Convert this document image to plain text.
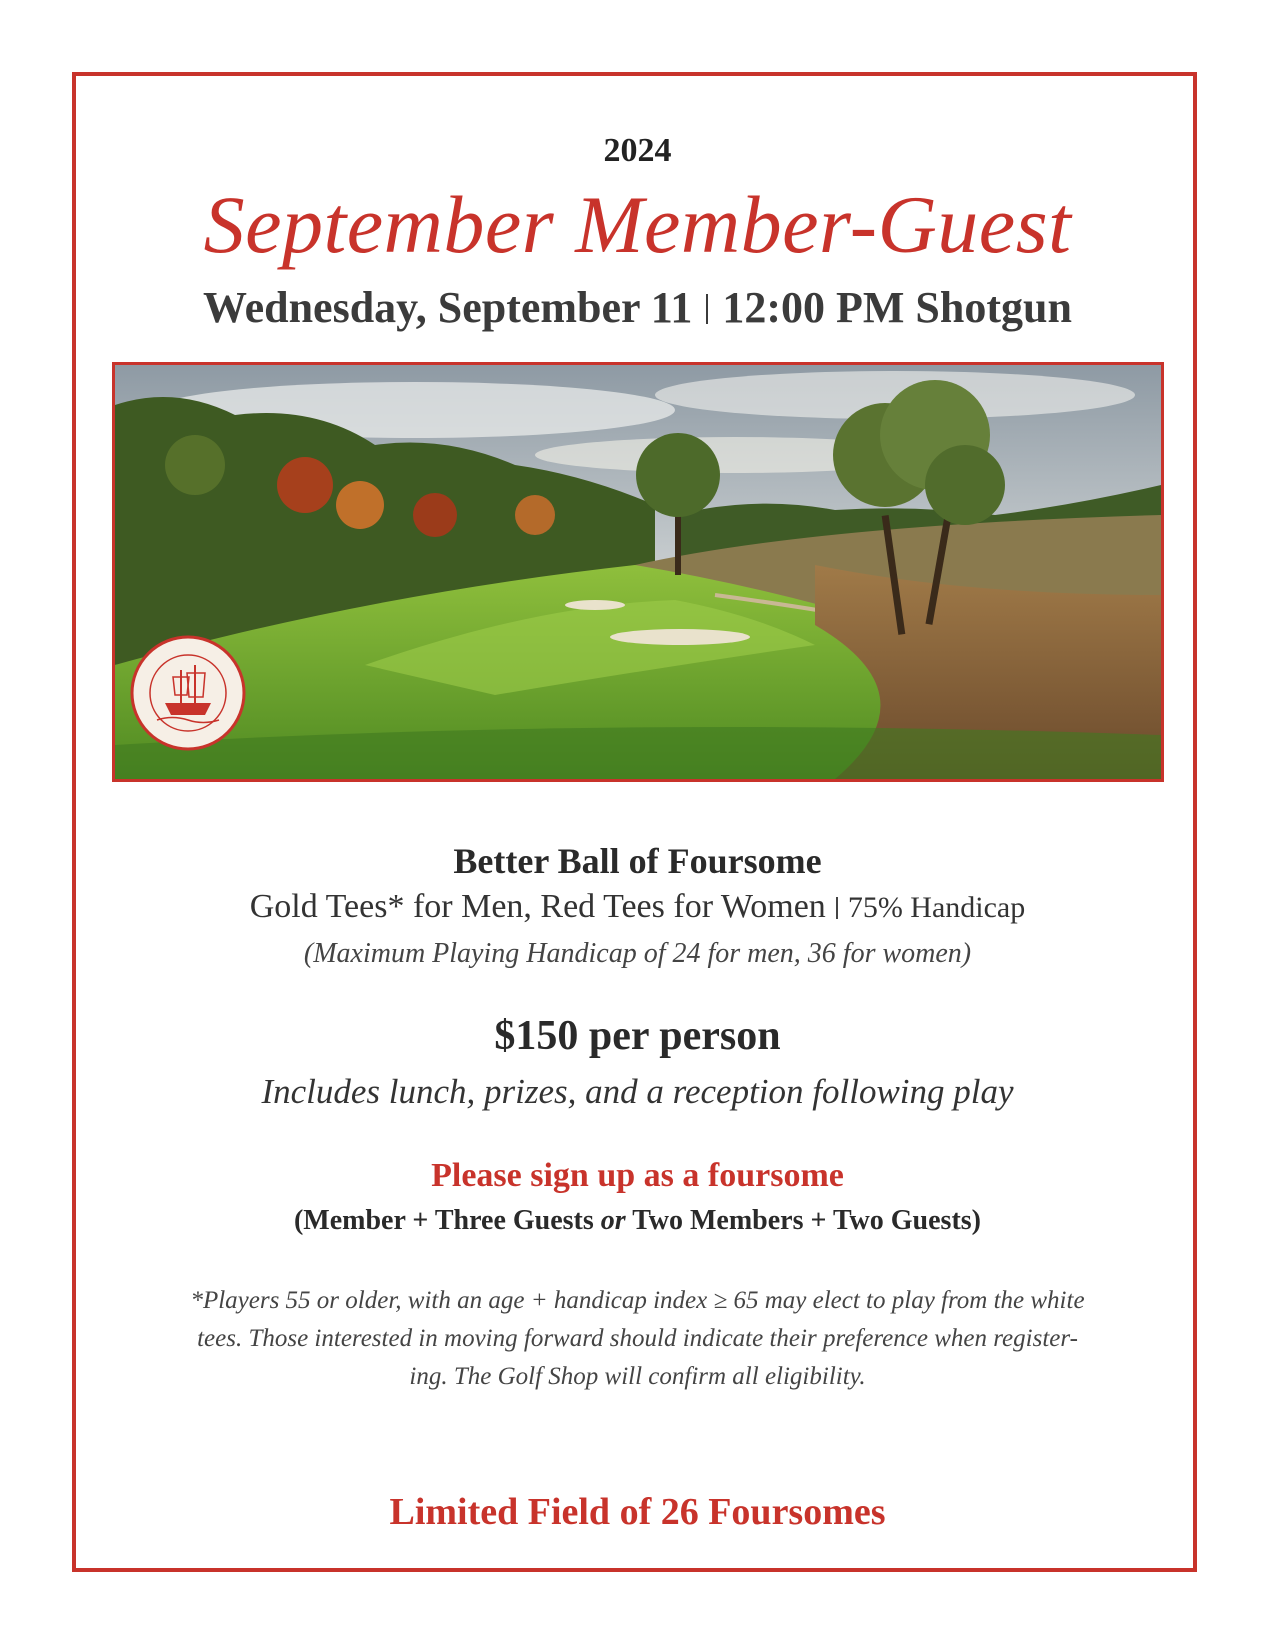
2024
September Member-Guest
Wednesday, September 11 12:00 PM Shotgun
Better Ball of Foursome
Gold Tees* for Men, Red Tees for Women 75% Handicap
(Maximum Playing Handicap of 24 for men, 36 for women)
$150 per person
Includes lunch, prizes, and a reception following play
Please sign up as a foursome
(Member + Three Guests or Two Members + Two Guests)
*Players 55 or older, with an age + handicap index ≥ 65 may elect to play from the white
tees. Those interested in moving forward should indicate their preference when register-
ing. The Golf Shop will confirm all eligibility.
Limited Field of 26 Foursomes
